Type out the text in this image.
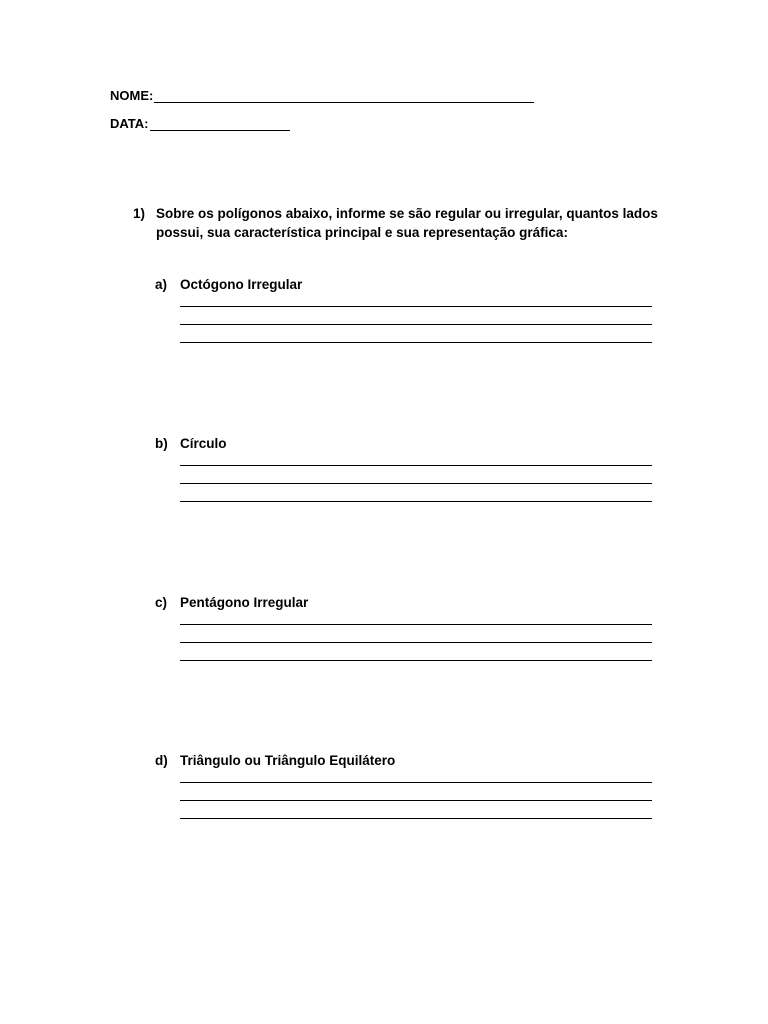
NOME:
DATA:
1) Sobre os polígonos abaixo, informe se são regular ou irregular, quantos lados possui, sua característica principal e sua representação gráfica:
a) Octógono Irregular
b) Círculo
c) Pentágono Irregular
d) Triângulo ou Triângulo Equilátero
